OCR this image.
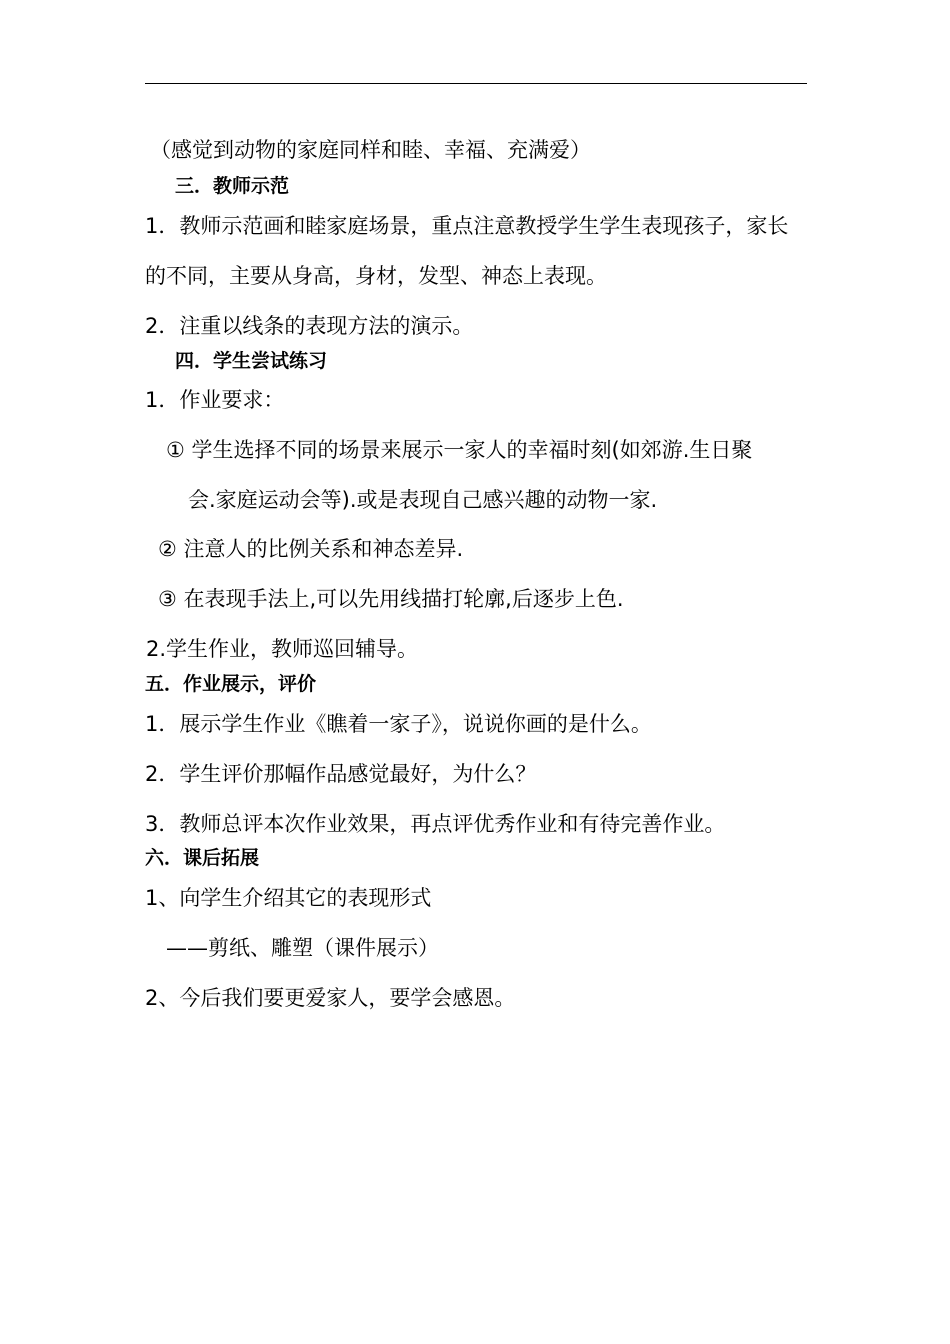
（感觉到动物的家庭同样和睦、幸福、充满爱）
三．教师示范
1．教师示范画和睦家庭场景，重点注意教授学生学生表现孩子，家长
的不同，主要从身高，身材，发型、神态上表现。
2．注重以线条的表现方法的演示。
四．学生尝试练习
1．作业要求：
① 学生选择不同的场景来展示一家人的幸福时刻(如郊游.生日聚
会.家庭运动会等).或是表现自己感兴趣的动物一家.
② 注意人的比例关系和神态差异.
③ 在表现手法上,可以先用线描打轮廓,后逐步上色.
2.学生作业，教师巡回辅导。
五．作业展示，评价
1．展示学生作业《瞧着一家子》，说说你画的是什么。
2．学生评价那幅作品感觉最好，为什么？
3．教师总评本次作业效果，再点评优秀作业和有待完善作业。
六．课后拓展
1、向学生介绍其它的表现形式
——剪纸、雕塑（课件展示）
2、今后我们要更爱家人，要学会感恩。
